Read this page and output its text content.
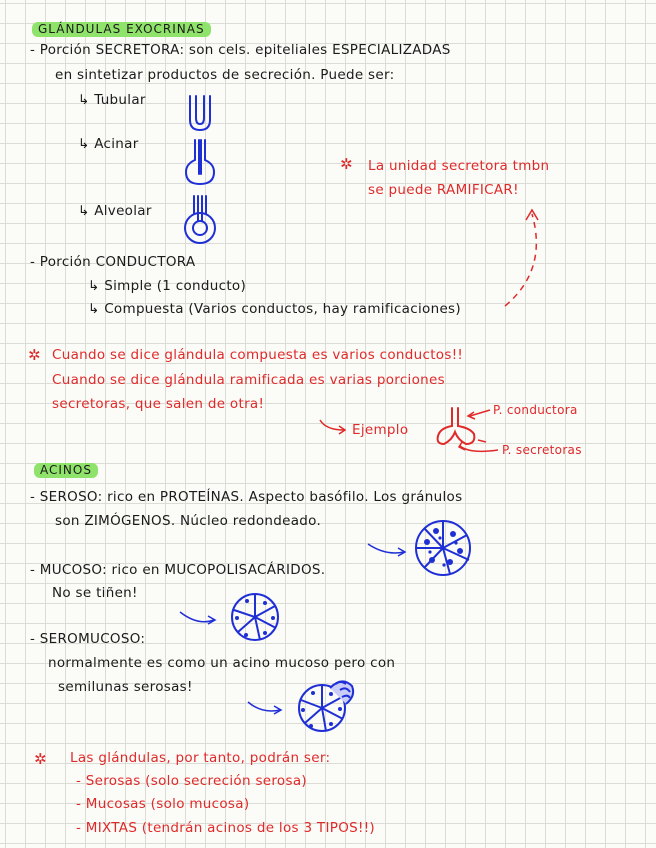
GLÁNDULAS EXOCRINAS
- Porción SECRETORA: son cels. epiteliales ESPECIALIZADAS
en sintetizar productos de secreción. Puede ser:
↳ Tubular
↳ Acinar
↳ Alveolar
✲ La unidad secretora tmbn
se puede RAMIFICAR!
- Porción CONDUCTORA
↳ Simple (1 conducto)
↳ Compuesta (Varios conductos, hay ramificaciones)
✲ Cuando se dice glándula compuesta es varios conductos!!
Cuando se dice glándula ramificada es varias porciones
secretoras, que salen de otra!
Ejemplo
P. conductora
P. secretoras
ACINOS
- SEROSO: rico en PROTEÍNAS. Aspecto basófilo. Los gránulos
son ZIMÓGENOS. Núcleo redondeado.
- MUCOSO: rico en MUCOPOLISACÁRIDOS.
No se tiñen!
- SEROMUCOSO:
normalmente es como un acino mucoso pero con
semilunas serosas!
✲ Las glándulas, por tanto, podrán ser:
- Serosas (solo secreción serosa)
- Mucosas (solo mucosa)
- MIXTAS (tendrán acinos de los 3 TIPOS!!)
